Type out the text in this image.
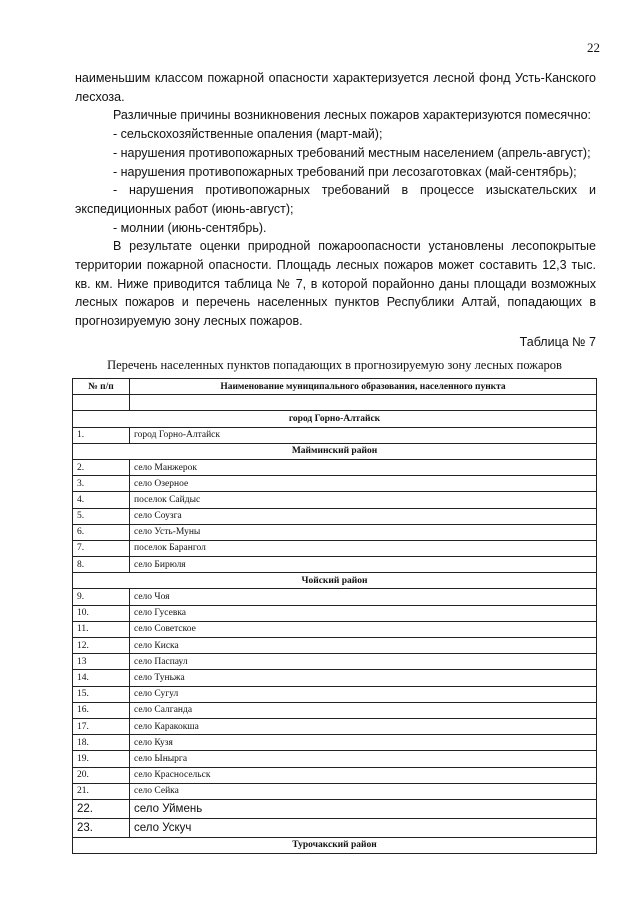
22

наименьшим классом пожарной опасности характеризуется лесной фонд Усть-Канского лесхоза.

Различные причины возникновения лесных пожаров характеризуются помесячно:

- сельскохозяйственные опаления (март-май);

- нарушения противопожарных требований местным населением (апрель-август);

- нарушения противопожарных требований при лесозаготовках (май-сентябрь);

- нарушения противопожарных требований в процессе изыскательских и экспедиционных работ (июнь-август);

- молнии (июнь-сентябрь).

В результате оценки природной пожароопасности установлены лесопокрытые территории пожарной опасности. Площадь лесных пожаров может составить 12,3 тыс. кв. км. Ниже приводится таблица № 7, в которой порайонно даны площади возможных лесных пожаров и перечень населенных пунктов Республики Алтай, попадающих в прогнозируемую зону лесных пожаров.

Таблица № 7
Перечень населенных пунктов попадающих в прогнозируемую зону лесных пожаров
№ п/п	Наименование муниципального образования, населенного пункта

город Горно-Алтайск	
1.	город Горно-Алтайск
Майминский район	
2.	село Манжерок
3.	село Озерное
4.	поселок Сайдыс
5.	село Соузга
6.	село Усть-Муны
7.	поселок Барангол
8.	село Бирюля
Чойский район	
9.	село Чоя
10.	село Гусевка
11.	село Советское
12.	село Киска
13	село Паспаул
14.	село Туньжа
15.	село Сугул
16.	село Салганда
17.	село Каракокша
18.	село Кузя
19.	село Ынырга
20.	село Красносельск
21.	село Сейка
22.	село Уймень
23.	село Ускуч
Турочакский район	
